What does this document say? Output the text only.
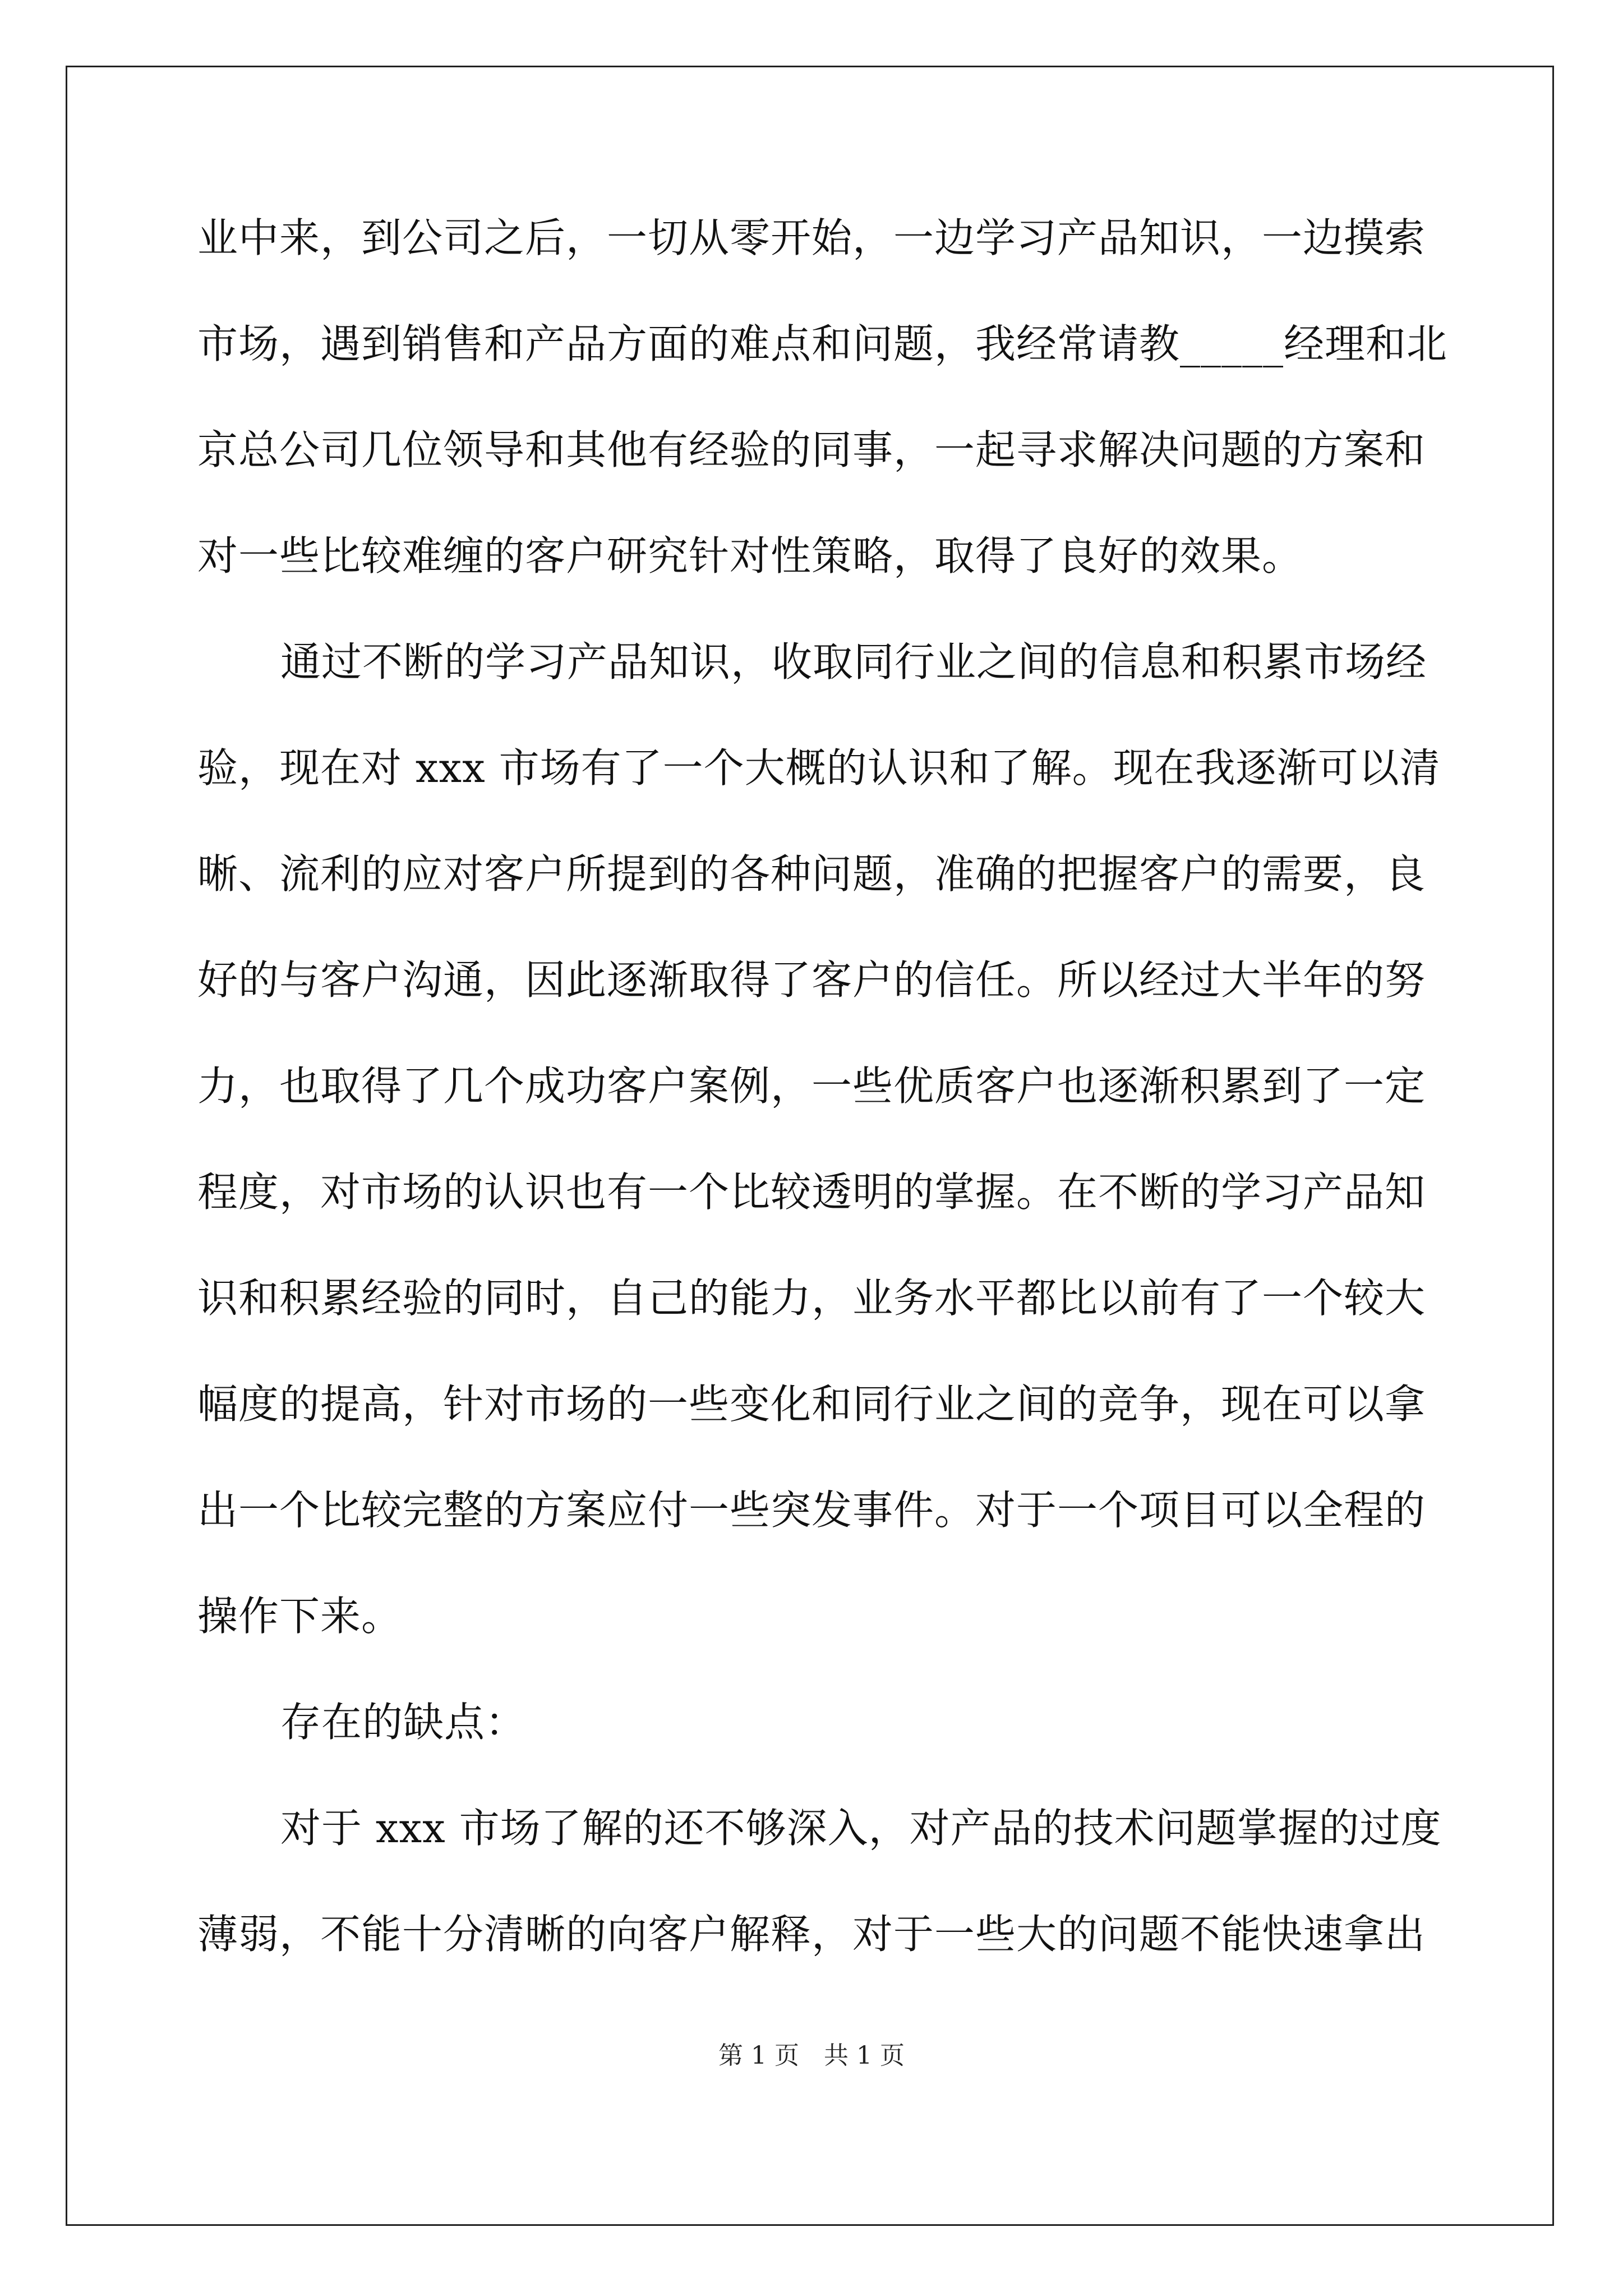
业中来，到公司之后，一切从零开始，一边学习产品知识，一边摸索
市场，遇到销售和产品方面的难点和问题，我经常请教_____经理和北
京总公司几位领导和其他有经验的同事，一起寻求解决问题的方案和
对一些比较难缠的客户研究针对性策略，取得了良好的效果。
通过不断的学习产品知识，收取同行业之间的信息和积累市场经
验，现在对 xxx 市场有了一个大概的认识和了解。现在我逐渐可以清
晰、流利的应对客户所提到的各种问题，准确的把握客户的需要，良
好的与客户沟通，因此逐渐取得了客户的信任。所以经过大半年的努
力，也取得了几个成功客户案例，一些优质客户也逐渐积累到了一定
程度，对市场的认识也有一个比较透明的掌握。在不断的学习产品知
识和积累经验的同时，自己的能力，业务水平都比以前有了一个较大
幅度的提高，针对市场的一些变化和同行业之间的竞争，现在可以拿
出一个比较完整的方案应付一些突发事件。对于一个项目可以全程的
操作下来。
存在的缺点：
对于 xxx 市场了解的还不够深入，对产品的技术问题掌握的过度
薄弱，不能十分清晰的向客户解释，对于一些大的问题不能快速拿出
第 1 页　共 1 页
